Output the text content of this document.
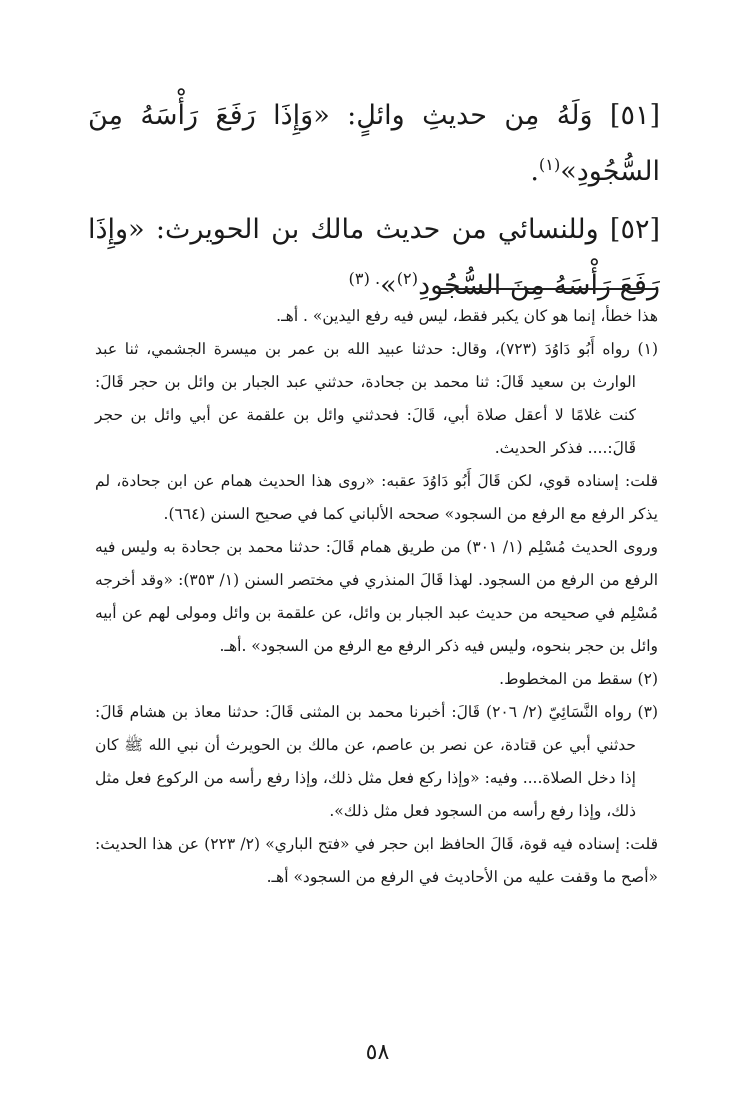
[٥١] وَلَهُ مِن حديثِ وائلٍ: «وَإِذَا رَفَعَ رَأْسَهُ مِنَ السُّجُودِ»$^{(١)}$.

[٥٢] وللنسائي من حديث مالك بن الحويرث: «وإِذَا رَفَعَ رَأْسَهُ مِنَ السُّجُودِ$^{(٢)}$»$^{. (٣)}$

هذا خطأ، إنما هو كان يكبر فقط، ليس فيه رفع اليدين» . أهـ.

(١) رواه أَبُو دَاوُدَ (٧٢٣)، وقال: حدثنا عبيد الله بن عمر بن ميسرة الجشمي، ثنا عبد الوارث بن سعيد قَالَ: ثنا محمد بن جحادة، حدثني عبد الجبار بن وائل بن حجر قَالَ: كنت غلامًا لا أعقل صلاة أبي، قَالَ: فحدثني وائل بن علقمة عن أبي وائل بن حجر قَالَ:.... فذكر الحديث.

قلت: إسناده قوي، لكن قَالَ أَبُو دَاوُدَ عقبه: «روى هذا الحديث همام عن ابن جحادة، لم يذكر الرفع مع الرفع من السجود» صححه الألباني كما في صحيح السنن (٦٦٤).

وروى الحديث مُسْلِم (١/ ٣٠١) من طريق همام قَالَ: حدثنا محمد بن جحادة به وليس فيه الرفع من الرفع من السجود. لهذا قَالَ المنذري في مختصر السنن (١/ ٣٥٣): «وقد أخرجه مُسْلِم في صحيحه من حديث عبد الجبار بن وائل، عن علقمة بن وائل ومولى لهم عن أبيه وائل بن حجر بنحوه، وليس فيه ذكر الرفع مع الرفع من السجود» .أهـ.

(٢) سقط من المخطوط.

(٣) رواه النَّسَائِيّ (٢/ ٢٠٦) قَالَ: أخبرنا محمد بن المثنى قَالَ: حدثنا معاذ بن هشام قَالَ: حدثني أبي عن قتادة، عن نصر بن عاصم، عن مالك بن الحويرث أن نبي الله ﷺ كان إذا دخل الصلاة.... وفيه: «وإذا ركع فعل مثل ذلك، وإذا رفع رأسه من الركوع فعل مثل ذلك، وإذا رفع رأسه من السجود فعل مثل ذلك».

قلت: إسناده فيه قوة، قَالَ الحافظ ابن حجر في «فتح الباري» (٢/ ٢٢٣) عن هذا الحديث: «أصح ما وقفت عليه من الأحاديث في الرفع من السجود» أهـ.

٥٨
